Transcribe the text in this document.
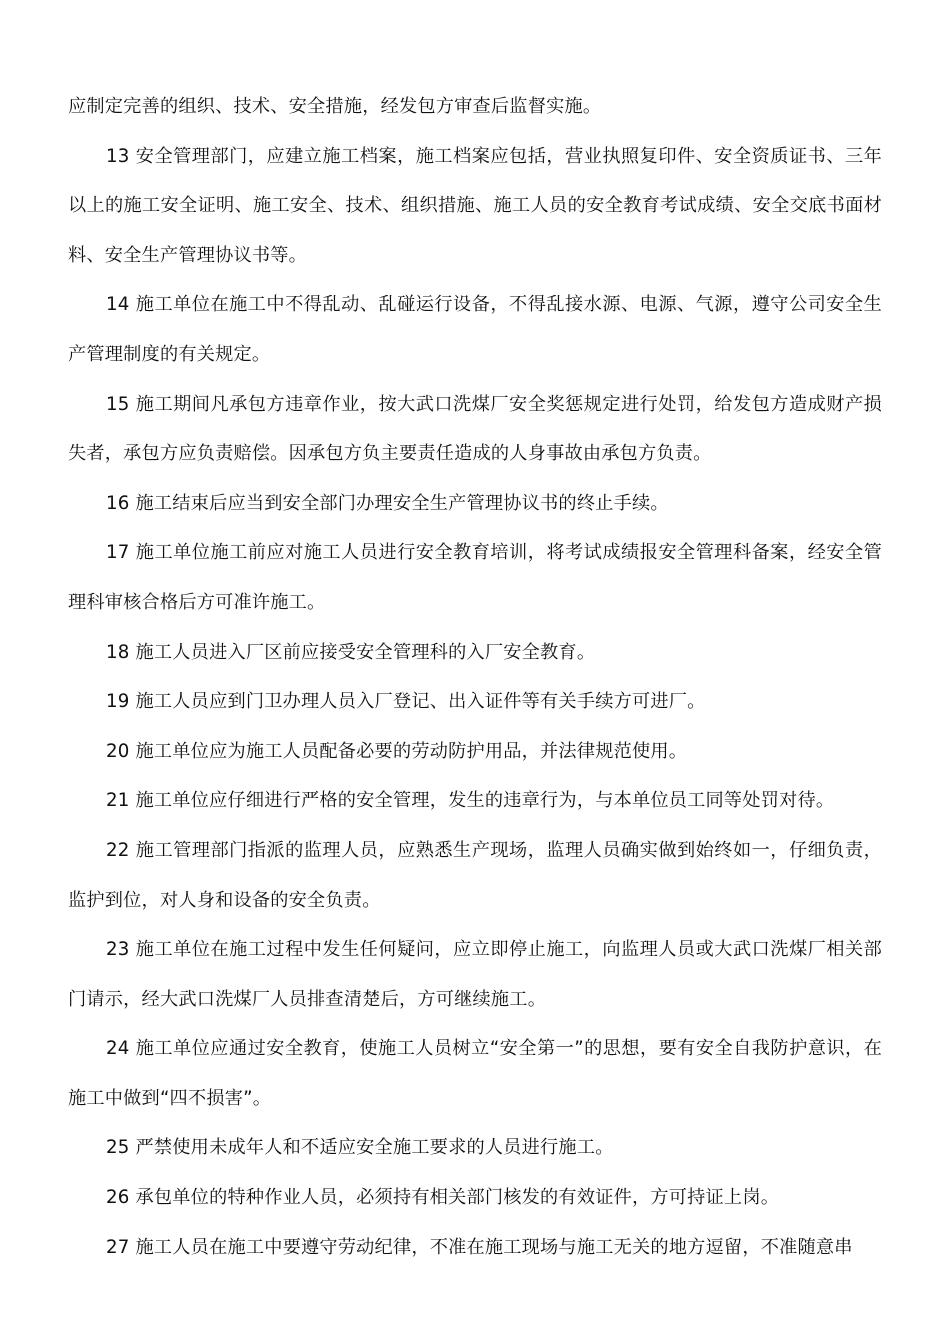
应制定完善的组织、技术、安全措施，经发包方审查后监督实施。

13 安全管理部门，应建立施工档案，施工档案应包括，营业执照复印件、安全资质证书、三年以上的施工安全证明、施工安全、技术、组织措施、施工人员的安全教育考试成绩、安全交底书面材料、安全生产管理协议书等。

14 施工单位在施工中不得乱动、乱碰运行设备，不得乱接水源、电源、气源，遵守公司安全生产管理制度的有关规定。

15 施工期间凡承包方违章作业，按大武口洗煤厂安全奖惩规定进行处罚，给发包方造成财产损失者，承包方应负责赔偿。因承包方负主要责任造成的人身事故由承包方负责。

16 施工结束后应当到安全部门办理安全生产管理协议书的终止手续。

17 施工单位施工前应对施工人员进行安全教育培训，将考试成绩报安全管理科备案，经安全管理科审核合格后方可准许施工。

18 施工人员进入厂区前应接受安全管理科的入厂安全教育。

19 施工人员应到门卫办理人员入厂登记、出入证件等有关手续方可进厂。

20 施工单位应为施工人员配备必要的劳动防护用品，并法律规范使用。

21 施工单位应仔细进行严格的安全管理，发生的违章行为，与本单位员工同等处罚对待。

22 施工管理部门指派的监理人员，应熟悉生产现场，监理人员确实做到始终如一，仔细负责，监护到位，对人身和设备的安全负责。

23 施工单位在施工过程中发生任何疑问，应立即停止施工，向监理人员或大武口洗煤厂相关部门请示，经大武口洗煤厂人员排查清楚后，方可继续施工。

24 施工单位应通过安全教育，使施工人员树立“安全第一”的思想，要有安全自我防护意识，在施工中做到“四不损害”。

25 严禁使用未成年人和不适应安全施工要求的人员进行施工。

26 承包单位的特种作业人员，必须持有相关部门核发的有效证件，方可持证上岗。

27 施工人员在施工中要遵守劳动纪律，不准在施工现场与施工无关的地方逗留，不准随意串
